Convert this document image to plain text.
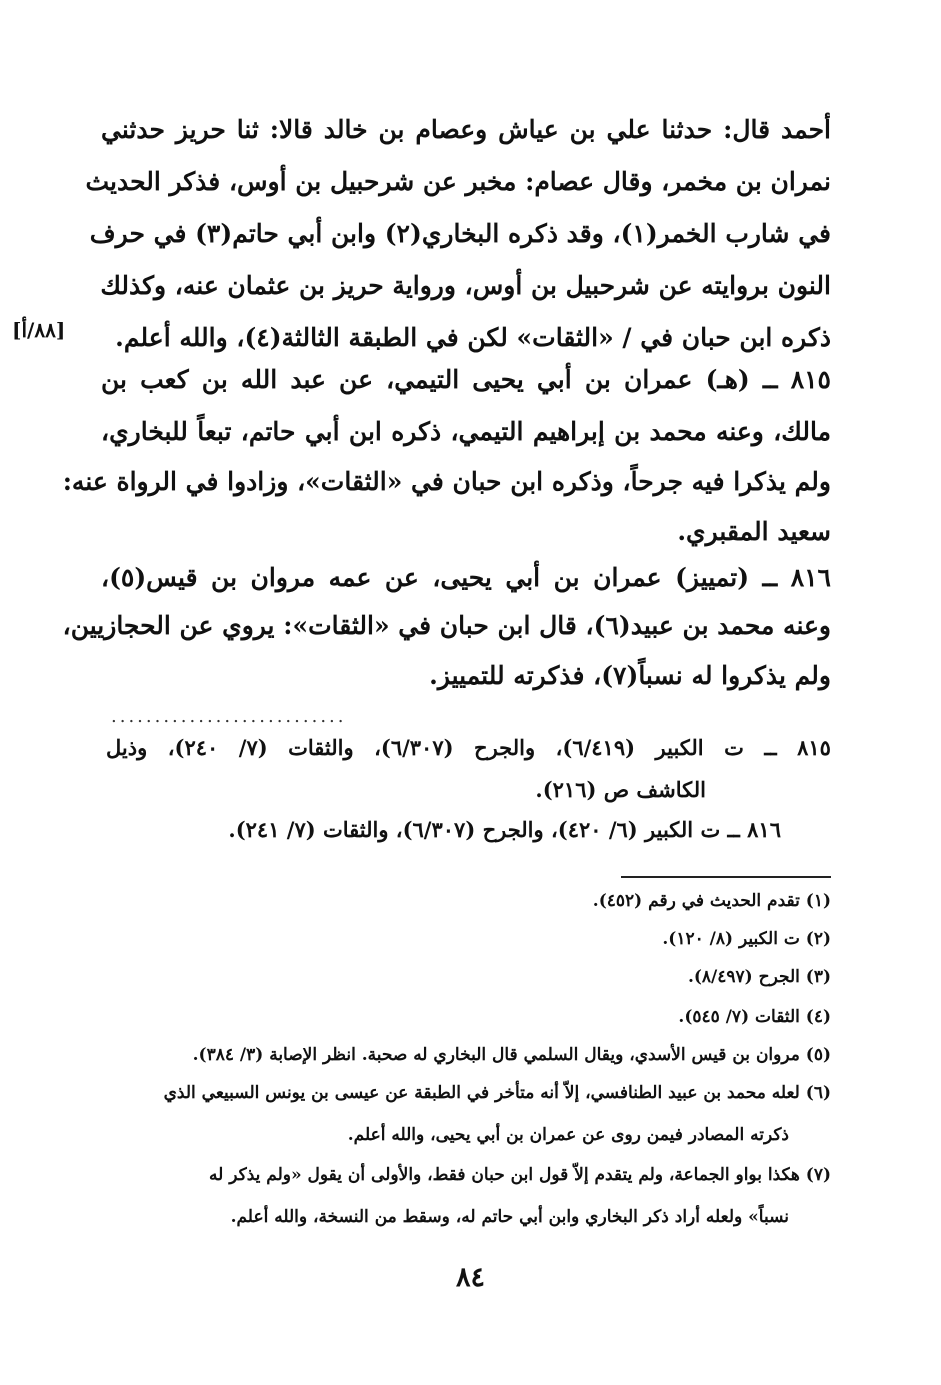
أحمد قال: حدثنا علي بن عياش وعصام بن خالد قالا: ثنا حريز حدثني
نمران بن مخمر، وقال عصام: مخبر عن شرحبيل بن أوس، فذكر الحديث
في شارب الخمر(١)، وقد ذكره البخاري(٢) وابن أبي حاتم(٣) في حرف
النون بروايته عن شرحبيل بن أوس، ورواية حريز بن عثمان عنه، وكذلك
ذكره ابن حبان في / «الثقات» لكن في الطبقة الثالثة(٤)، والله أعلم.
٨١٥ ــ (هـ) عمران بن أبي يحيى التيمي، عن عبد الله بن كعب بن
مالك، وعنه محمد بن إبراهيم التيمي، ذكره ابن أبي حاتم، تبعاً للبخاري،
ولم يذكرا فيه جرحاً، وذكره ابن حبان في «الثقات»، وزادوا في الرواة عنه:
سعيد المقبري.
٨١٦ ــ (تمييز) عمران بن أبي يحيى، عن عمه مروان بن قيس(٥)،
وعنه محمد بن عبيد(٦)، قال ابن حبان في «الثقات»: يروي عن الحجازيين،
ولم يذكروا له نسباً(٧)، فذكرته للتمييز.
[٨٨/أ]
...........................
٨١٥ ــ ت الكبير (٦/٤١٩)، والجرح (٦/٣٠٧)، والثقات (٧/ ٢٤٠)، وذيل
الكاشف ص (٢١٦).
٨١٦ ــ ت الكبير (٦/ ٤٢٠)، والجرح (٦/٣٠٧)، والثقات (٧/ ٢٤١).
(١) تقدم الحديث في رقم (٤٥٢).
(٢) ت الكبير (٨/ ١٢٠).
(٣) الجرح (٨/٤٩٧).
(٤) الثقات (٧/ ٥٤٥).
(٥) مروان بن قيس الأسدي، ويقال السلمي قال البخاري له صحبة. انظر الإصابة (٣/ ٣٨٤).
(٦) لعله محمد بن عبيد الطنافسي، إلاّ أنه متأخر في الطبقة عن عيسى بن يونس السبيعي الذي
ذكرته المصادر فيمن روى عن عمران بن أبي يحيى، والله أعلم.
(٧) هكذا بواو الجماعة، ولم يتقدم إلاّ قول ابن حبان فقط، والأولى أن يقول «ولم يذكر له
نسباً» ولعله أراد ذكر البخاري وابن أبي حاتم له، وسقط من النسخة، والله أعلم.
٨٤
